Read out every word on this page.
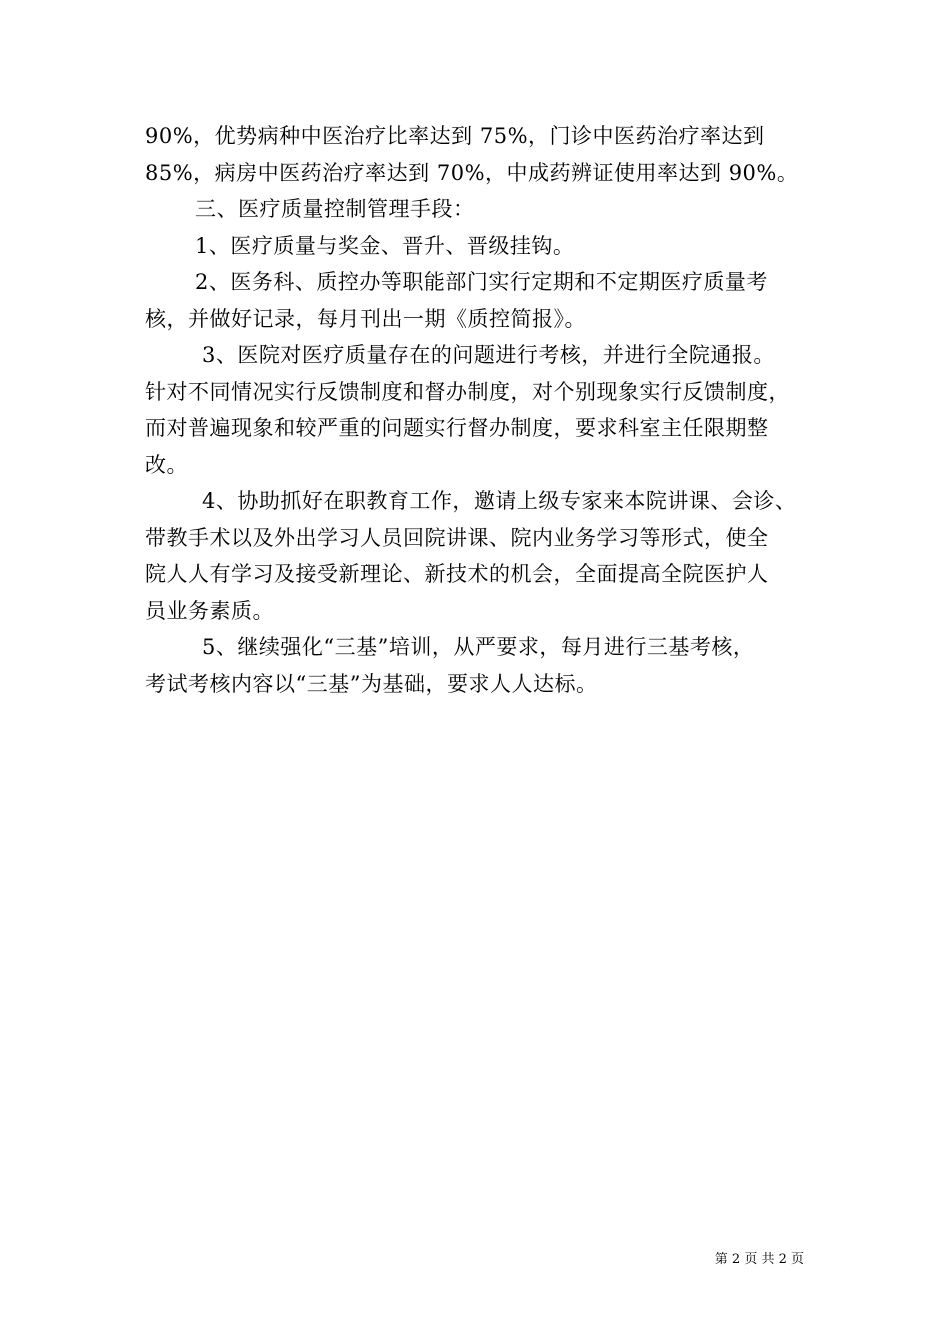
90%，优势病种中医治疗比率达到 75%，门诊中医药治疗率达到
85%，病房中医药治疗率达到 70%，中成药辨证使用率达到 90%。
三、医疗质量控制管理手段：
1、医疗质量与奖金、晋升、晋级挂钩。
2、医务科、质控办等职能部门实行定期和不定期医疗质量考
核，并做好记录，每月刊出一期《质控简报》。
3、医院对医疗质量存在的问题进行考核，并进行全院通报。
针对不同情况实行反馈制度和督办制度，对个别现象实行反馈制度，
而对普遍现象和较严重的问题实行督办制度，要求科室主任限期整
改。
4、协助抓好在职教育工作，邀请上级专家来本院讲课、会诊、
带教手术以及外出学习人员回院讲课、院内业务学习等形式，使全
院人人有学习及接受新理论、新技术的机会，全面提高全院医护人
员业务素质。
5、继续强化“三基”培训，从严要求，每月进行三基考核，
考试考核内容以“三基”为基础，要求人人达标。
第 2 页 共 2 页
